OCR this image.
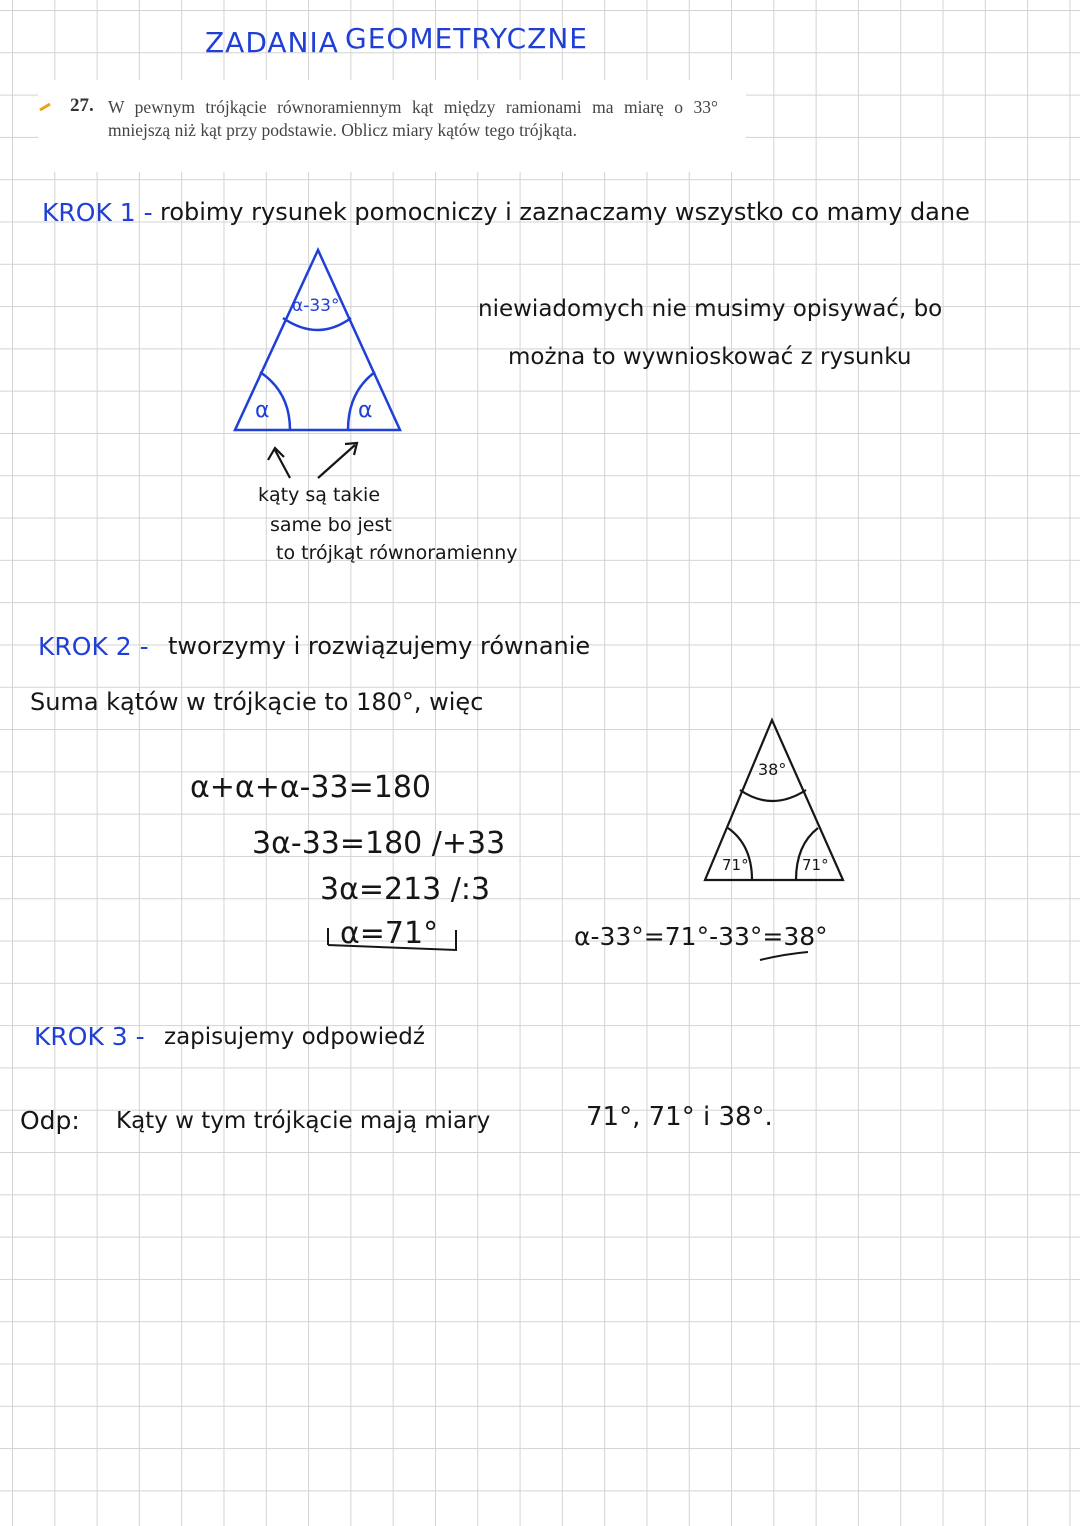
ZADANIA GEOMETRYCZNE
27. W pewnym trójkącie równoramiennym kąt między ramionami ma miarę o 33° mniejszą niż kąt przy podstawie. Oblicz miary kątów tego trójkąta.
KROK 1 - robimy rysunek pomocniczy i zaznaczamy wszystko co mamy dane
niewiadomych nie musimy opisywać, bo
można to wywnioskować z rysunku
α-33°
α	α
kąty są takie
same bo jest
to trójkąt równoramienny
KROK 2 - tworzymy i rozwiązujemy równanie
Suma kątów w trójkącie to 180°, więc
α+α+α-33=180
3α-33=180 /+33
3α=213 /:3
α=71°
38°
71°	71°
α-33°=71°-33°=38°
KROK 3 - zapisujemy odpowiedź
Odp: Kąty w tym trójkącie mają miary	71°, 71° i 38°.
